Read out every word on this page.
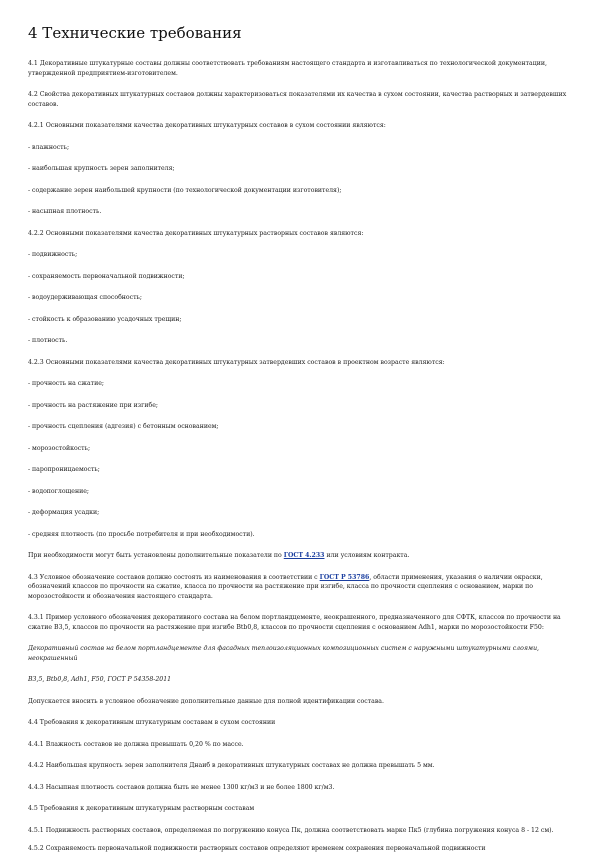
4 Технические требования

4.1 Декоративные штукатурные составы должны соответствовать требованиям настоящего стандарта и изготавливаться по технологической документации, утвержденной предприятием-изготовителем.

4.2 Свойства декоративных штукатурных составов должны характеризоваться показателями их качества в сухом состоянии, качества растворных и затвердевших составов.

4.2.1 Основными показателями качества декоративных штукатурных составов в сухом состоянии являются:

- влажность;

- наибольшая крупность зерен заполнителя;

- содержание зерен наибольшей крупности (по технологической документации изготовителя);

- насыпная плотность.

4.2.2 Основными показателями качества декоративных штукатурных растворных составов являются:

- подвижность;

- сохраняемость первоначальной подвижности;

- водоудерживающая способность;

- стойкость к образованию усадочных трещин;

- плотность.

4.2.3 Основными показателями качества декоративных штукатурных затвердевших составов в проектном возрасте являются:

- прочность на сжатие;

- прочность на растяжение при изгибе;

- прочность сцепления (адгезия) с бетонным основанием;

- морозостойкость;

- паропроницаемость;

- водопоглощение;

- деформация усадки;

- средняя плотность (по просьбе потребителя и при необходимости).

При необходимости могут быть установлены дополнительные показатели по ГОСТ 4.233 или условиям контракта.

4.3 Условное обозначение составов должно состоять из наименования в соответствии с ГОСТ Р 53786, области применения, указания о наличии окраски, обозначений классов по прочности на сжатие, класса по прочности на растяжение при изгибе, класса по прочности сцепления с основанием, марки по морозостойкости и обозначения настоящего стандарта.

4.3.1 Пример условного обозначения декоративного состава на белом портландцементе, неокрашенного, предназначенного для СФТК, классов по прочности на сжатие В3,5, классов по прочности на растяжение при изгибе Btb0,8, классов по прочности сцепления с основанием Adh1, марки по морозостойкости F50:

Декоративный состав на белом портландцементе для фасадных теплоизоляционных композиционных систем с наружными штукатурными слоями, неокрашенный

В3,5, Btb0,8, Adh1, F50, ГОСТ Р 54358-2011

Допускается вносить в условное обозначение дополнительные данные для полной идентификации состава.

4.4 Требования к декоративным штукатурным составам в сухом состоянии

4.4.1 Влажность составов не должна превышать 0,20 % по массе.

4.4.2 Наибольшая крупность зерен заполнителя Днаиб в декоративных штукатурных составах не должна превышать 5 мм.

4.4.3 Насыпная плотность составов должна быть не менее 1300 кг/м3 и не более 1800 кг/м3.

4.5 Требования к декоративным штукатурным растворным составам

4.5.1 Подвижность растворных составов, определяемая по погружению конуса Пк, должна соответствовать марке Пк5 (глубина погружения конуса 8 - 12 см).

4.5.2 Сохраняемость первоначальной подвижности растворных составов определяют временем сохранения первоначальной подвижности
